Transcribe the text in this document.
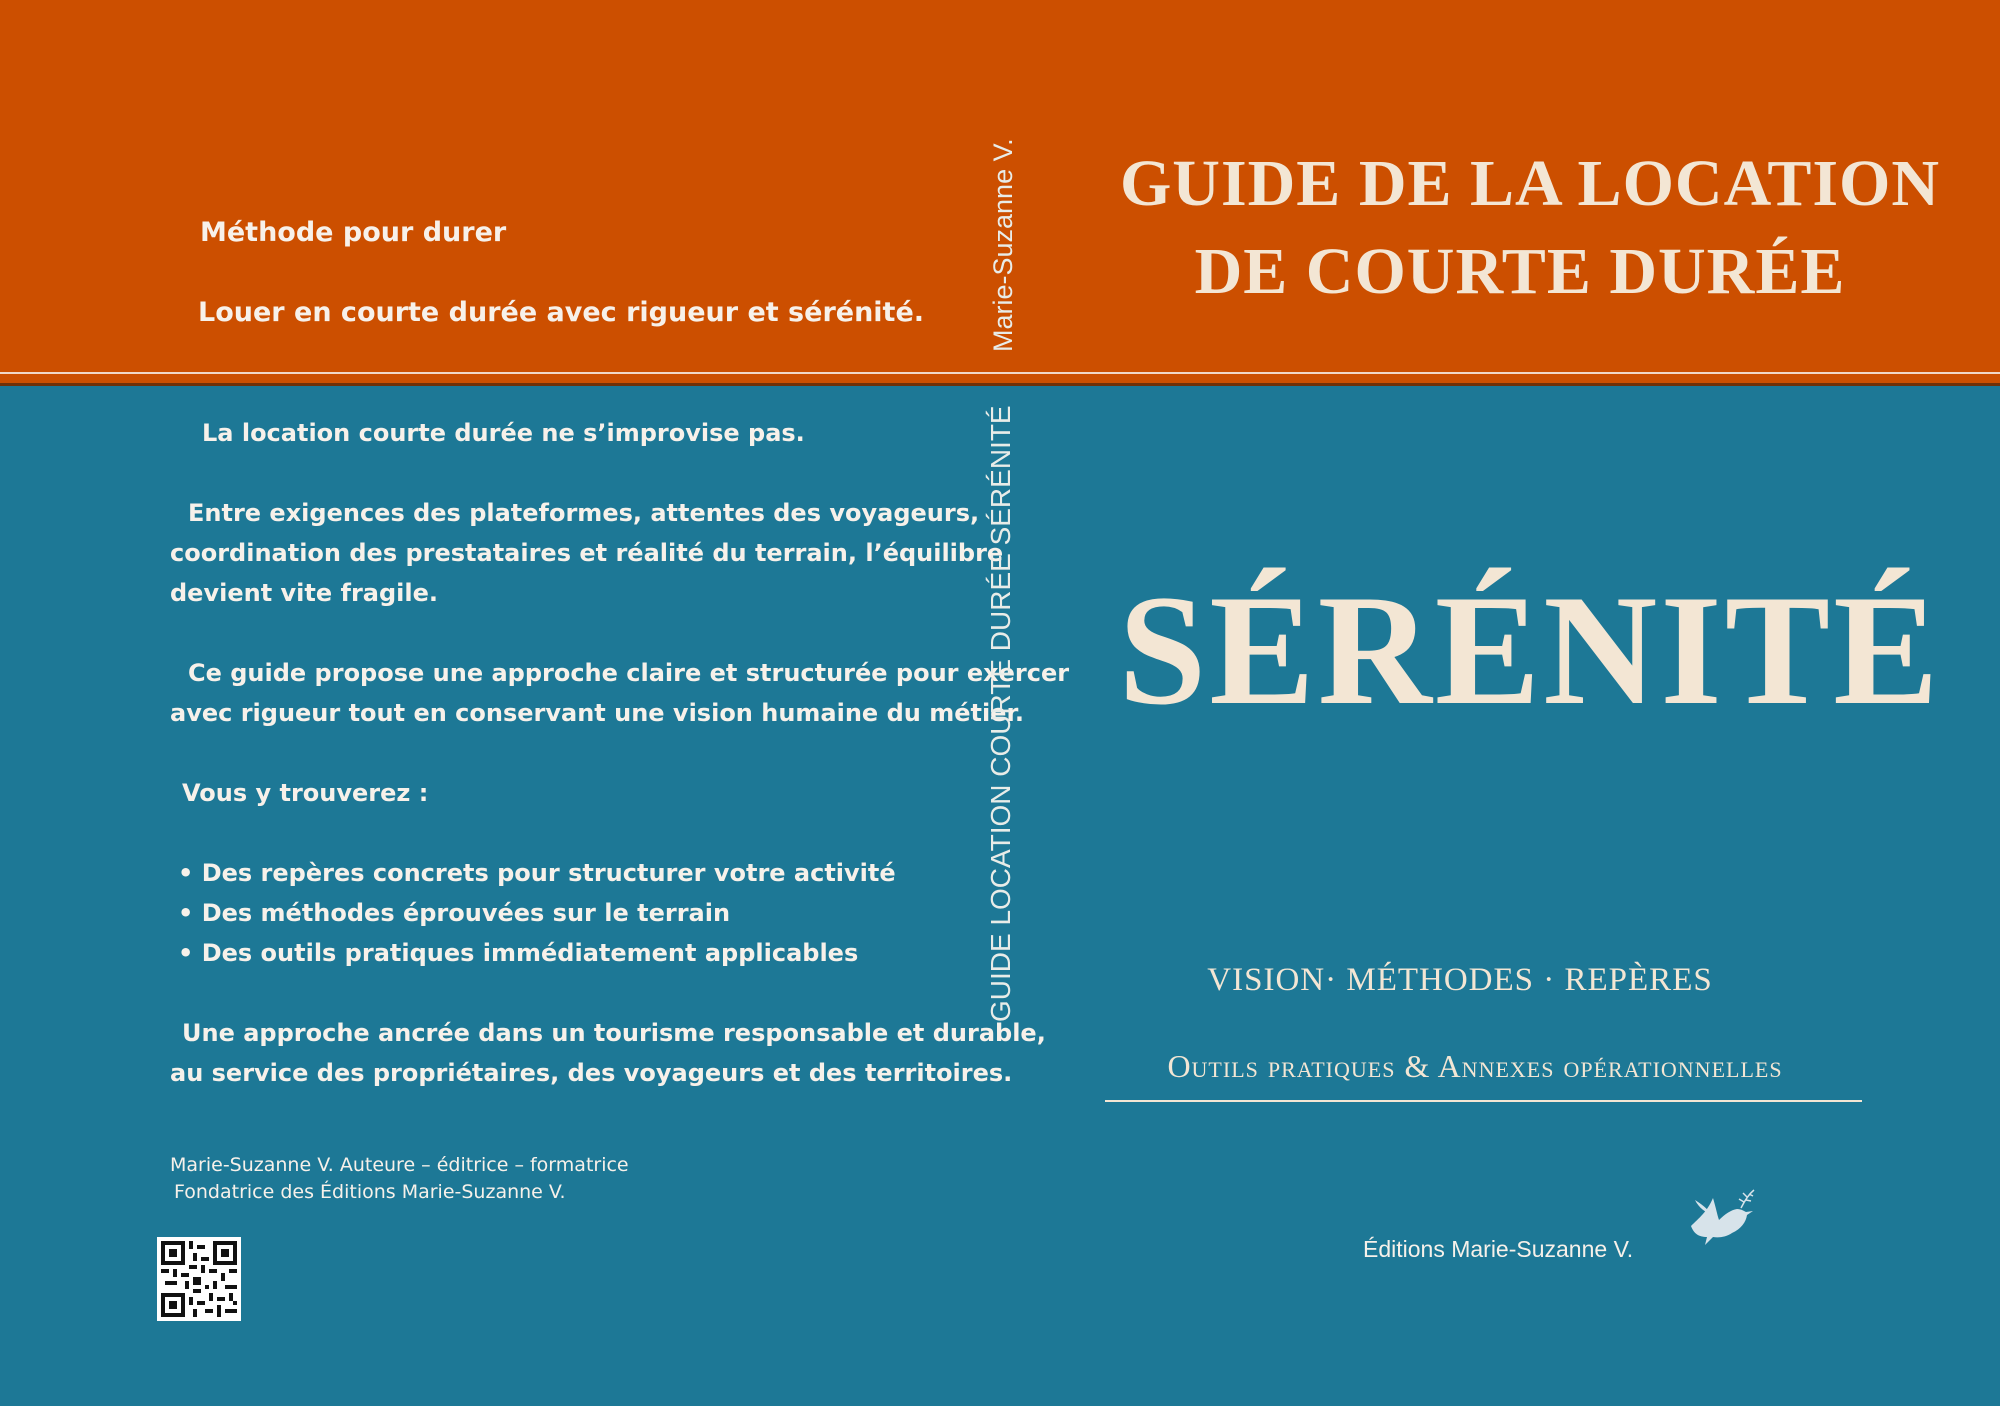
Méthode pour durer
Louer en courte durée avec rigueur et sérénité.

La location courte durée ne s’improvise pas.

Entre exigences des plateformes, attentes des voyageurs,

coordination des prestataires et réalité du terrain, l’équilibre

devient vite fragile.

Ce guide propose une approche claire et structurée pour exercer

avec rigueur tout en conservant une vision humaine du métier.

Vous y trouverez :

• Des repères concrets pour structurer votre activité

• Des méthodes éprouvées sur le terrain

• Des outils pratiques immédiatement applicables

Une approche ancrée dans un tourisme responsable et durable,

au service des propriétaires, des voyageurs et des territoires.

Marie-Suzanne V. Auteure – éditrice – formatrice

Fondatrice des Éditions Marie-Suzanne V.

Marie-Suzanne V.
GUIDE LOCATION COURTE DURÉE SÉRÉNITÉ
GUIDE DE LA LOCATION
DE COURTE DURÉE
SÉRÉNITÉ
VISION· MÉTHODES · REPÈRES
Outils pratiques & Annexes opérationnelles
Éditions Marie-Suzanne V.
